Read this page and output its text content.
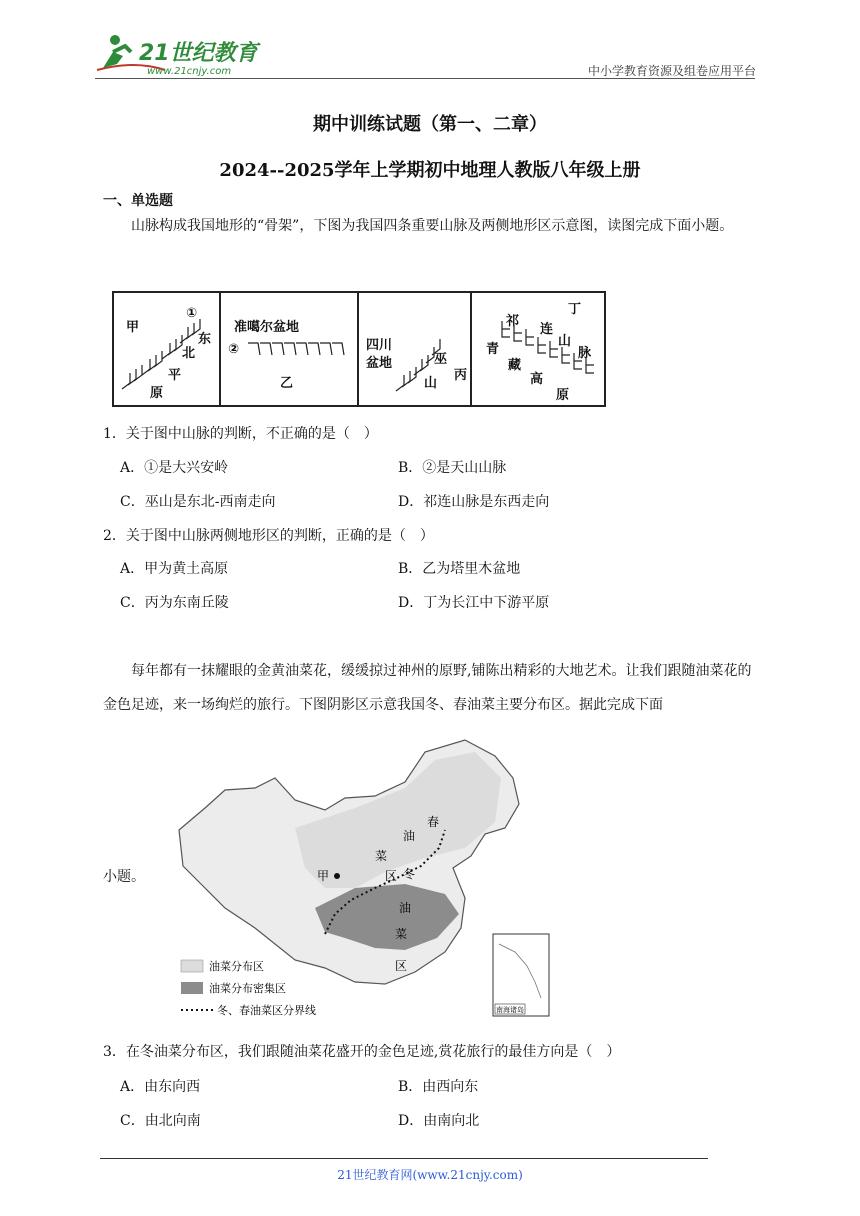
21世纪教育
www.21cnjy.com	中小学教育资源及组卷应用平台
期中训练试题（第一、二章）
2024--2025学年上学期初中地理人教版八年级上册
一、单选题
山脉构成我国地形的“骨架”，下图为我国四条重要山脉及两侧地形区示意图，读图完成下面小题。
甲
①
东
北
平
原
准噶尔盆地
②
乙
四川
盆地	巫
山
丙
丁
祁
连
山
脉
青
藏
高
原
1．关于图中山脉的判断，不正确的是（　）
A．①是大兴安岭	B．②是天山山脉
C．巫山是东北-西南走向	D．祁连山脉是东西走向
2．关于图中山脉两侧地形区的判断，正确的是（　）
A．甲为黄土高原	B．乙为塔里木盆地
C．丙为东南丘陵	D．丁为长江中下游平原
每年都有一抹耀眼的金黄油菜花，缓缓掠过神州的原野,铺陈出精彩的大地艺术。让我们跟随油菜花的金色足迹，来一场绚烂的旅行。下图阴影区示意我国冬、春油菜主要分布区。据此完成下面
小题。
春
油
菜
区
甲	冬
油
菜
区
油菜分布区
油菜分布密集区
冬、春油菜区分界线	南海诸岛
3．在冬油菜分布区，我们跟随油菜花盛开的金色足迹,赏花旅行的最佳方向是（　）
A．由东向西	B．由西向东
C．由北向南	D．由南向北
21世纪教育网(www.21cnjy.com)
